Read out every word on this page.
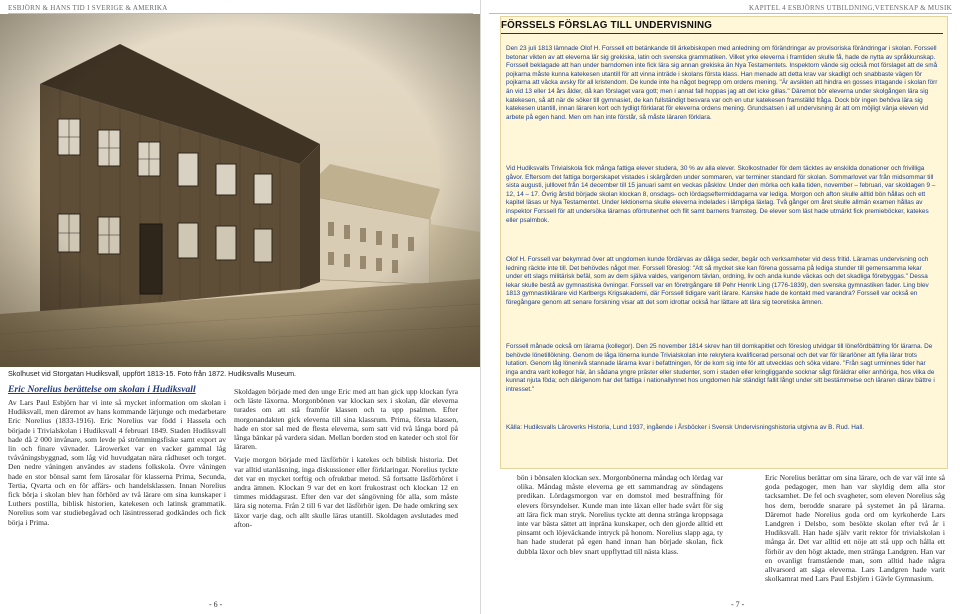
ESBJÖRN & HANS TID I SVERIGE & AMERIKA
Skolhuset vid Storgatan Hudiksvall, uppfört 1813-15. Foto från 1872. Hudiksvalls Museum.
Eric Norelius berättelse om skolan i Hudiksvall

Av Lars Paul Esbjörn har vi inte så mycket information om skolan i Hudiksvall, men däremot av hans kommande lärjunge och medarbetare Eric Norelius (1833-1916). Eric Norelius var född i Hassela och började i Trivialskolan i Hudiksvall 4 februari 1849. Staden Hudiksvall hade då 2 000 invånare, som levde på strömmingsfiske samt export av lin och finare vävnader. Lärowerket var en vacker gammal låg tvåvåningsbyggnad, som låg vid huvudgatan nära rådhuset och torget. Den nedre våningen användes av stadens folkskola. Övre våningen hade en stor bönsal samt fem lärosalar för klasserna Prima, Secunda, Tertia, Qvarta och en för affärs- och handelsklassen. Innan Norelius fick börja i skolan blev han förhörd av två lärare om sina kunskaper i Luthers postilla, biblisk historien, katekesen och latinsk grammatik. Norelius som var studiebegåvad och läsintresserad godkändes och fick börja i Prima.

Skoldagen började med den unge Eric med att han gick upp klockan fyra och läste läxorna. Morgonbönen var klockan sex i skolan, där eleverna turades om att stå framför klassen och ta upp psalmen. Efter morgonandakten gick eleverna till sina klassrum. Prima, första klassen, hade en stor sal med de flesta eleverna, som satt vid två långa bord på långa bänkar på vardera sidan. Mellan borden stod en kateder och stol för läraren.

Varje morgon började med läxförhör i katekes och biblisk historia. Det var alltid utanläsning, inga diskussioner eller förklaringar. Norelius tyckte det var en mycket torftig och ofruktbar metod. Så fortsatte läsförhöret i andra ämnen. Klockan 9 var det en kort frukostrast och klockan 12 en timmes middagsrast. Efter den var det sångövning för alla, som måste lära sig noterna. Från 2 till 6 var det läsförhör igen. De hade omkring sex läxor varje dag, och allt skulle läras utantill. Skoldagen avslutades med afton-

- 6 -
KAPITEL 4 ESBJÖRNS UTBILDNING,VETENSKAP & MUSIK
FÖRSSELS FÖRSLAG TILL UNDERVISNING

Den 23 juli 1813 lämnade Olof H. Forssell ett betänkande till ärkebiskopen med anledning om förändringar av provisoriska förändringar i skolan. Forssell betonar vikten av att eleverna lär sig grekiska, latin och svenska grammatiken. Vilket yrke eleverna i framtiden skulle få, hade de nytta av språkkunskap. Forssell beklagade att han under barndomen inte fick lära sig annan grekiska än Nya Testamentets. Inspektorn vände sig också mot förslaget att de små pojkarna måste kunna katekesen utantill för att vinna inträde i skolans första klass. Han menade att detta krav var skadligt och snabbaste vägen för pojkarna att väcka avsky för all kristendom. De kunde inte ha något begrepp om ordens mening. "Är avsikten att hindra en gosses intagande i skolan förr än vid 13 eller 14 års ålder, då kan förslaget vara gott; men i annat fall hoppas jag att det icke gillas." Däremot bör eleverna under skolgången lära sig katekesen, så att när de söker till gymnasiet, de kan fullständigt besvara var och en utur katekesen framställd fråga. Dock bör ingen behöva lära sig katekesen utantill, innan läraren kort och tydligt förklarat för eleverna ordens mening. Grundsatsen i all undervisning är att om möjligt vänja eleven vid arbete på egen hand. Men om han inte förstår, så måste läraren förklara.

Vid Hudiksvalls Trivialskola fick många fattiga elever studera, 30 % av alla elever. Skolkostnader för dem täcktes av enskilda donationer och frivilliga gåvor. Eftersom det fattiga borgerskapet vistades i skärgården under sommaren, var terminer standard för skolan. Sommarlovet var från midsommar till sista augusti, julllovet från 14 december till 15 januari samt en veckas påsklov. Under den mörka och kalla tiden, november – februari, var skoldagen 9 – 12, 14 – 17. Övrig årstid började skolan klockan 8, onsdags- och lördagseftermiddagarna var lediga. Morgon och afton skulle alltid bön hållas och ett kapitel läsas ur Nya Testamentet. Under lektionerna skulle eleverna indelades i lämpliga läxlag. Två gånger om året skulle allmän examen hållas av inspektor Forssell för att undersöka lärarnas oförtrutenhet och flit samt barnens framsteg. De elever som läst hade utmärkt fick premieböcker, katekes eller psalmbok.

Olof H. Forssell var bekymrad över att ungdomen kunde fördärvas av dåliga seder, begär och verksamheter vid dess fritid. Lärarnas undervisning och ledning räckte inte till. Det behövdes något mer. Forssell föreslog: "Att så mycket ske kan förena gossarna på lediga stunder till gemensamma lekar under ett slags militärisk befäl, som av dem själva valdes, varigenom tävlan, ordning, liv och anda kunde väckas och det skadliga förebyggas." Dessa lekar skulle bestå av gymnastiska övningar. Forssell var en företrgångare till Pehr Henrik Ling (1776-1839), den svenska gymnastiken fader. Ling blev 1813 gymnastiklärare vid Karlbergs Krigsakademi, där Forssell tidigare varit lärare. Kanske hade de kontakt med varandra? Forssell var också en föregångare genom att senare forskning visar att det som idrottar också har lättare att lära sig teoretiska ämnen.

Forssell månade också om lärarna (kollegor). Den 25 november 1814 skrev han till domkapitlet och föreslog utvidgar till lönefördbättring för lärarna. De behövde lönetillökning. Genom de låga lönerna kunde Trivialskolan inte rekrytera kvalificerad personal och det var för lärarlöner att fylla lärar trots lutation. Genom låg lönenivå stannade lärarna kvar i befattningen, för de kom sig inte för att utvecklas och söka vidare. "Från sagt urminnes tider har inga andra varit kollegor här, än sådana yngre präster eller studenter, som i staden eller kringliggande socknar sågt föräldrar eller anhöriga, hos vilka de kunnat njuta föda; och därigenom har det fattiga i nationallynnet hos ungdomen här ständigt fallit långt under sitt bestämmelse och läraren därav bättre i intresset."

Källa: Hudiksvalls Läroverks Historia, Lund 1937, ingående i Årsböcker i Svensk Undervisningshistoria utgivna av B. Rud. Hall.

bön i bönsalen klockan sex. Morgonbönerna måndag och lördag var olika. Måndag måste eleverna ge ett sammandrag av söndagens predikan. Lördagsmorgon var en domstol med bestraffning för elevers försyndelser. Kunde man inte läxan eller hade svårt för sig att lära fick man stryk. Norelius tyckte att denna stränga kroppsaga inte var bästa sättet att inpräna kunskaper, och den gjorde alltid ett pinsamt och löjeväckande intryck på honom. Norelius slapp aga, ty han hade studerat på egen hand innan han började skolan, fick dubbla läxor och blev snart uppflyttad till nästa klass.

Eric Norelius berättar om sina lärare, och de var väl inte så goda pedagoger, men han var skyldig dem alla stor tacksamhet. De fel och svagheter, som eleven Norelius såg hos dem, berodde snarare på systemet än på lärarna. Däremot hade Norelius goda ord om kyrkoherde Lars Landgren i Delsbo, som besökte skolan efter två år i Hudiksvall. Han hade själv varit rektor för trivialskolan i många år. Det var alltid ett nöje att stå upp och hålla ett förhör av den högt aktade, men stränga Landgren. Han var en ovanligt framstående man, som alltid hade några allvarsord att säga eleverna. Lars Landgren hade varit skolkamrat med Lars Paul Esbjörn i Gävle Gymnasium.

- 7 -
